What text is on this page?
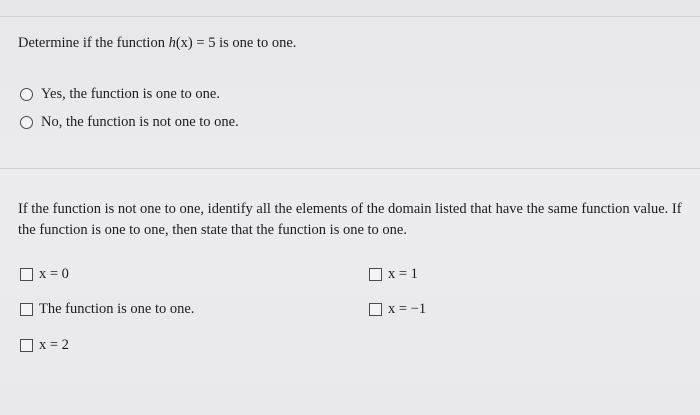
Determine if the function h(x) = 5 is one to one.
Yes, the function is one to one.
No, the function is not one to one.
If the function is not one to one, identify all the elements of the domain listed that have the same function value. If the function is one to one, then state that the function is one to one.
x = 0	x = 1
The function is one to one.	x = −1
x = 2
